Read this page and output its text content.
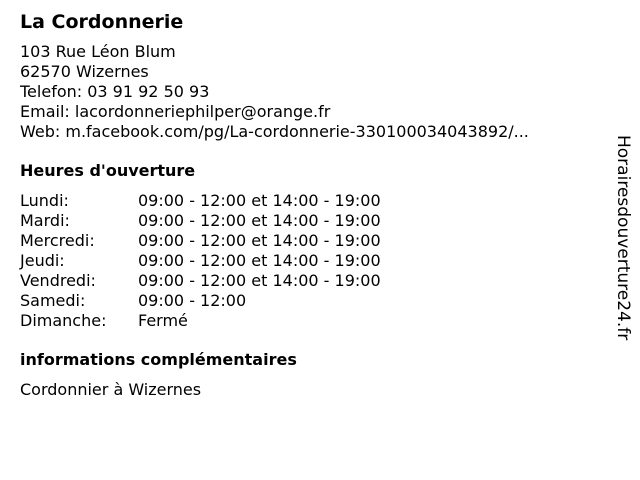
La Cordonnerie
103 Rue Léon Blum
62570 Wizernes
Telefon: 03 91 92 50 93
Email: lacordonneriephilper@orange.fr
Web: m.facebook.com/pg/La-cordonnerie-330100034043892/...
Heures d'ouverture
Lundi:	09:00 - 12:00 et 14:00 - 19:00
Mardi:	09:00 - 12:00 et 14:00 - 19:00
Mercredi:	09:00 - 12:00 et 14:00 - 19:00
Jeudi:	09:00 - 12:00 et 14:00 - 19:00
Vendredi:	09:00 - 12:00 et 14:00 - 19:00
Samedi:	09:00 - 12:00
Dimanche:	Fermé
informations complémentaires
Cordonnier à Wizernes
Horairesdouverture24.fr
